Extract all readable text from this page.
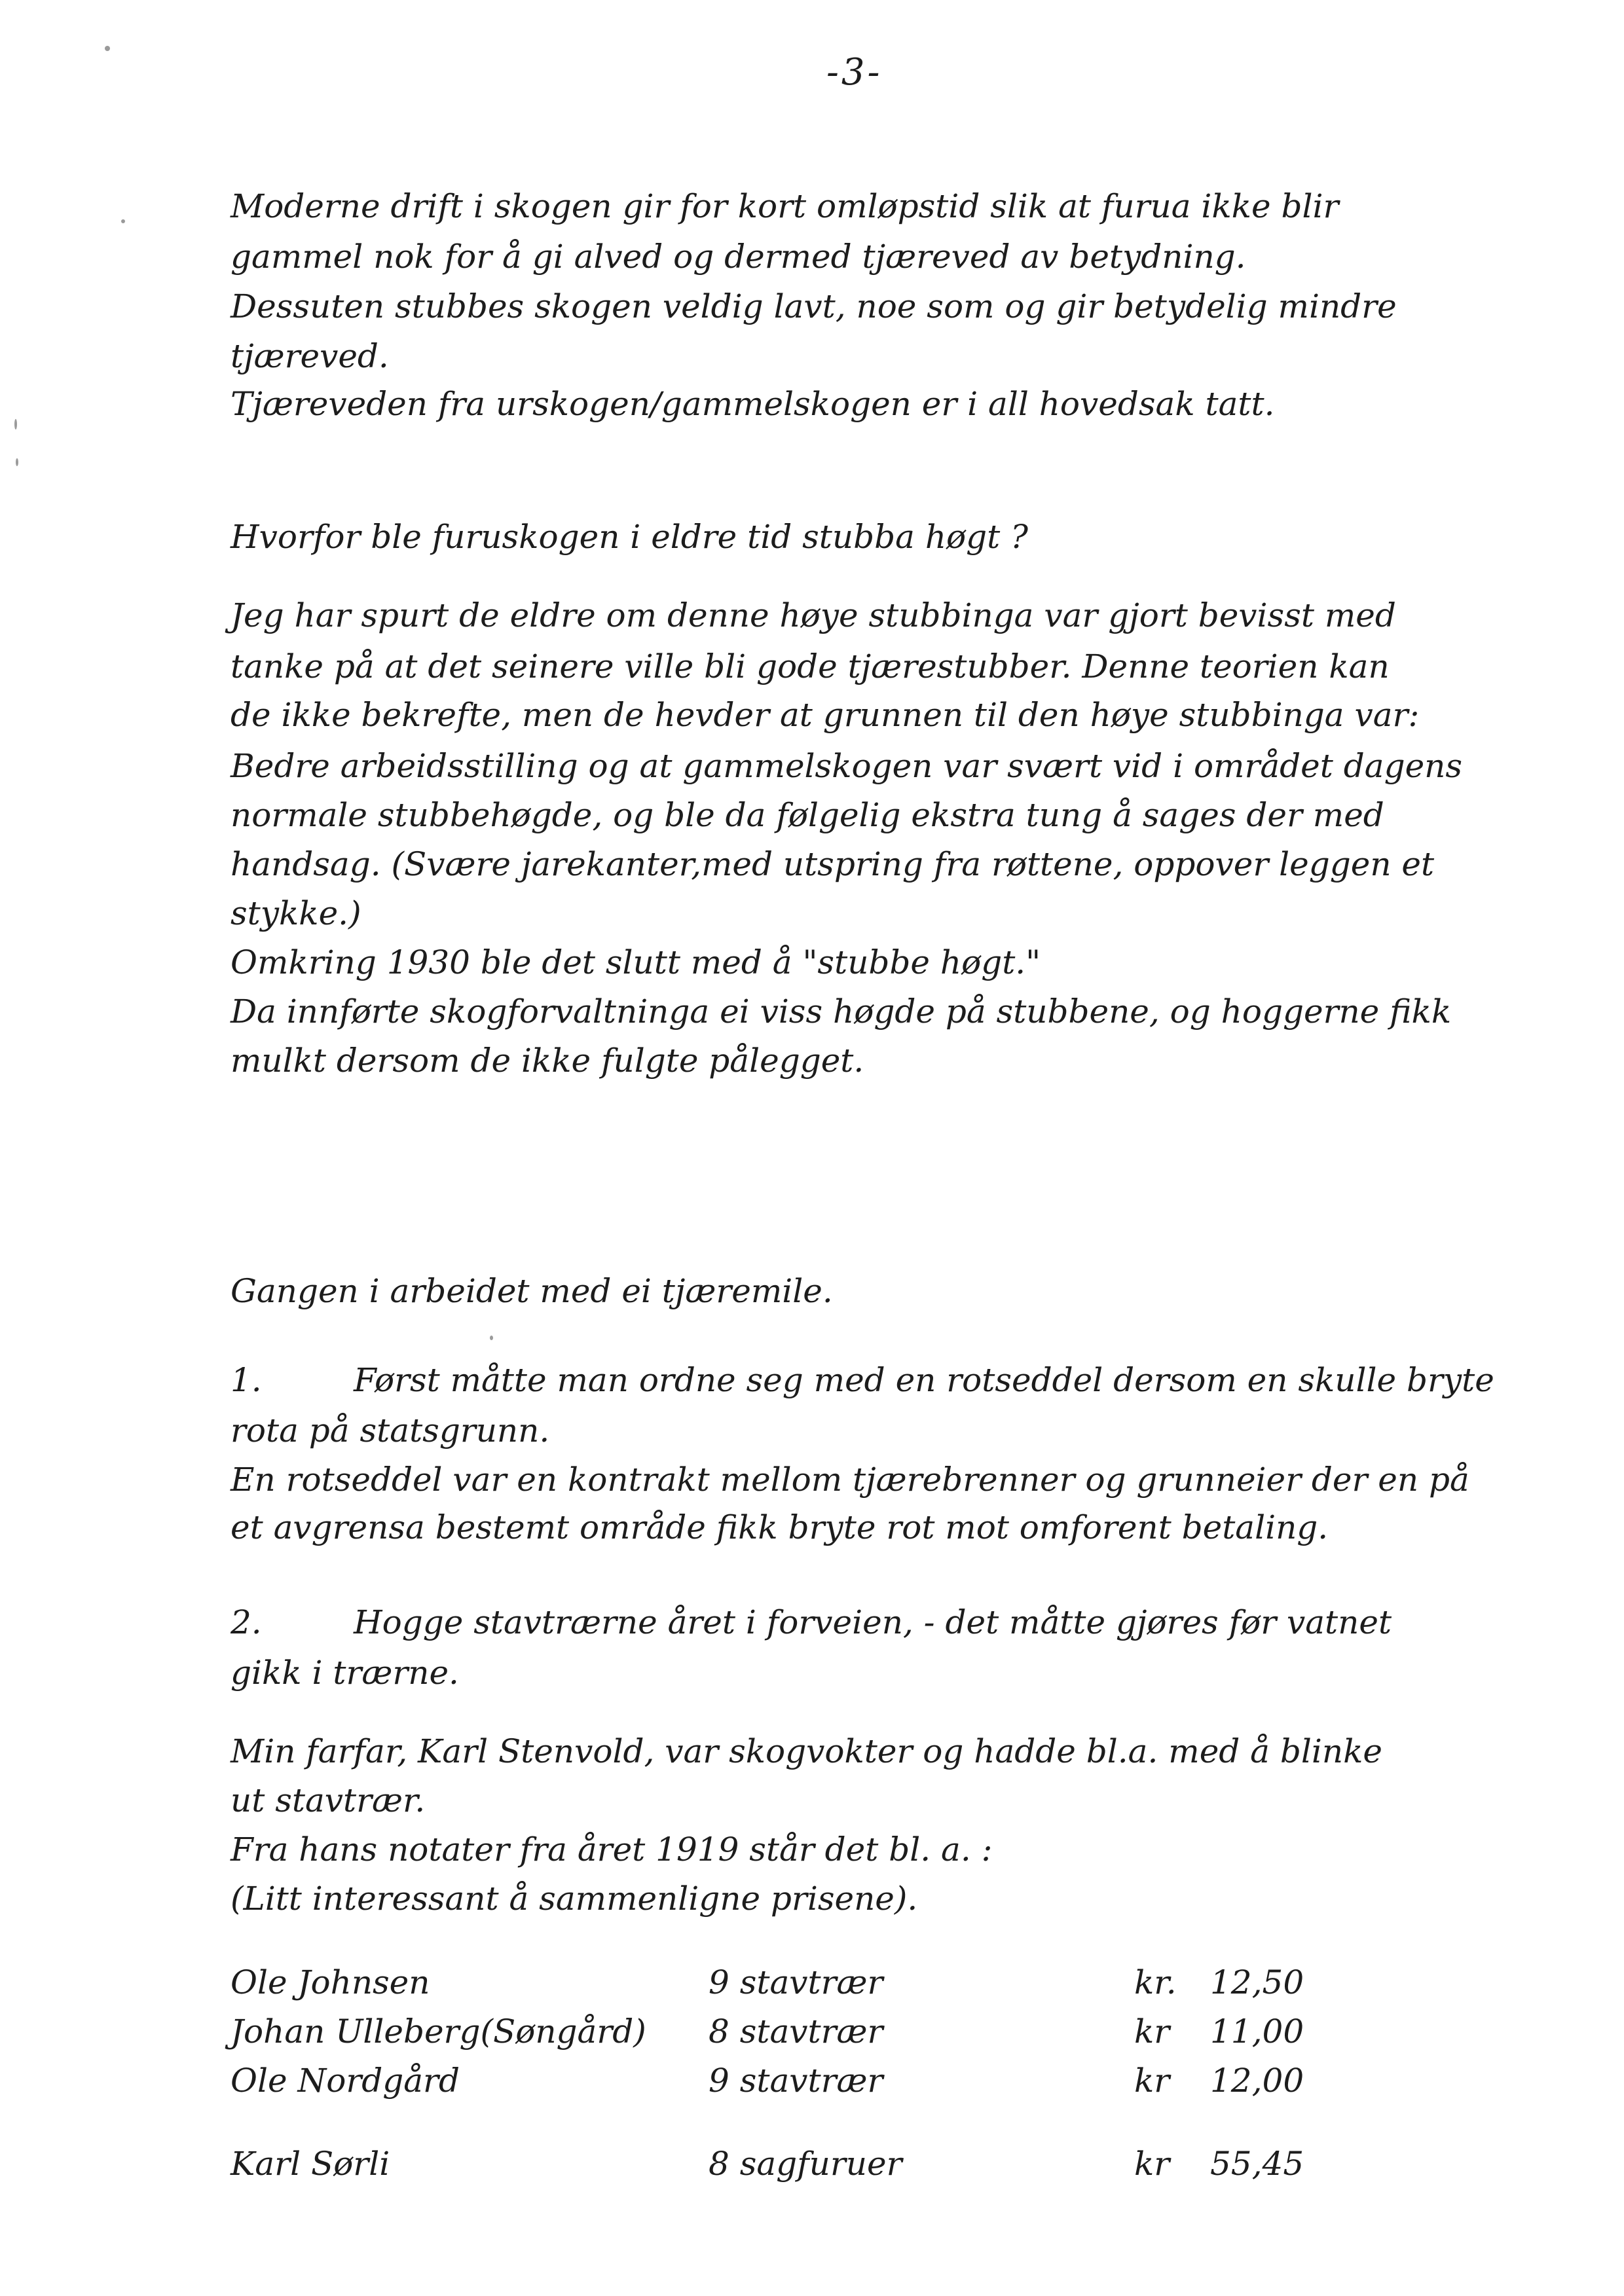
-3-
Moderne drift i skogen gir for kort omløpstid slik at furua ikke blir
gammel nok for å gi alved og dermed tjæreved av betydning.
Dessuten stubbes skogen veldig lavt, noe som og gir betydelig mindre
tjæreved.
Tjæreveden fra urskogen/gammelskogen er i all hovedsak tatt.
Hvorfor ble furuskogen i eldre tid stubba høgt ?
Jeg har spurt de eldre om denne høye stubbinga var gjort bevisst med
tanke på at det seinere ville bli gode tjærestubber. Denne teorien kan
de ikke bekrefte, men de hevder at grunnen til den høye stubbinga var:
Bedre arbeidsstilling og at gammelskogen var svært vid i området dagens
normale stubbehøgde, og ble da følgelig ekstra tung å sages der med
handsag. (Svære jarekanter,med utspring fra røttene, oppover leggen et
stykke.)
Omkring 1930 ble det slutt med å "stubbe høgt."
Da innførte skogforvaltninga ei viss høgde på stubbene, og hoggerne fikk
mulkt dersom de ikke fulgte pålegget.
Gangen i arbeidet med ei tjæremile.
1.	Først måtte man ordne seg med en rotseddel dersom en skulle bryte
rota på statsgrunn.
En rotseddel var en kontrakt mellom tjærebrenner og grunneier der en på
et avgrensa bestemt område fikk bryte rot mot omforent betaling.
2.	Hogge stavtrærne året i forveien, - det måtte gjøres før vatnet
gikk i trærne.
Min farfar, Karl Stenvold, var skogvokter og hadde bl.a. med å blinke
ut stavtrær.
Fra hans notater fra året 1919 står det bl. a. :
(Litt interessant å sammenligne prisene).
Ole Johnsen	9 stavtrær	kr. 12,50
Johan Ulleberg(Søngård) 8 stavtrær	kr 11,00
Ole Nordgård	9 stavtrær	kr 12,00
Karl Sørli	8 sagfuruer	kr 55,45
